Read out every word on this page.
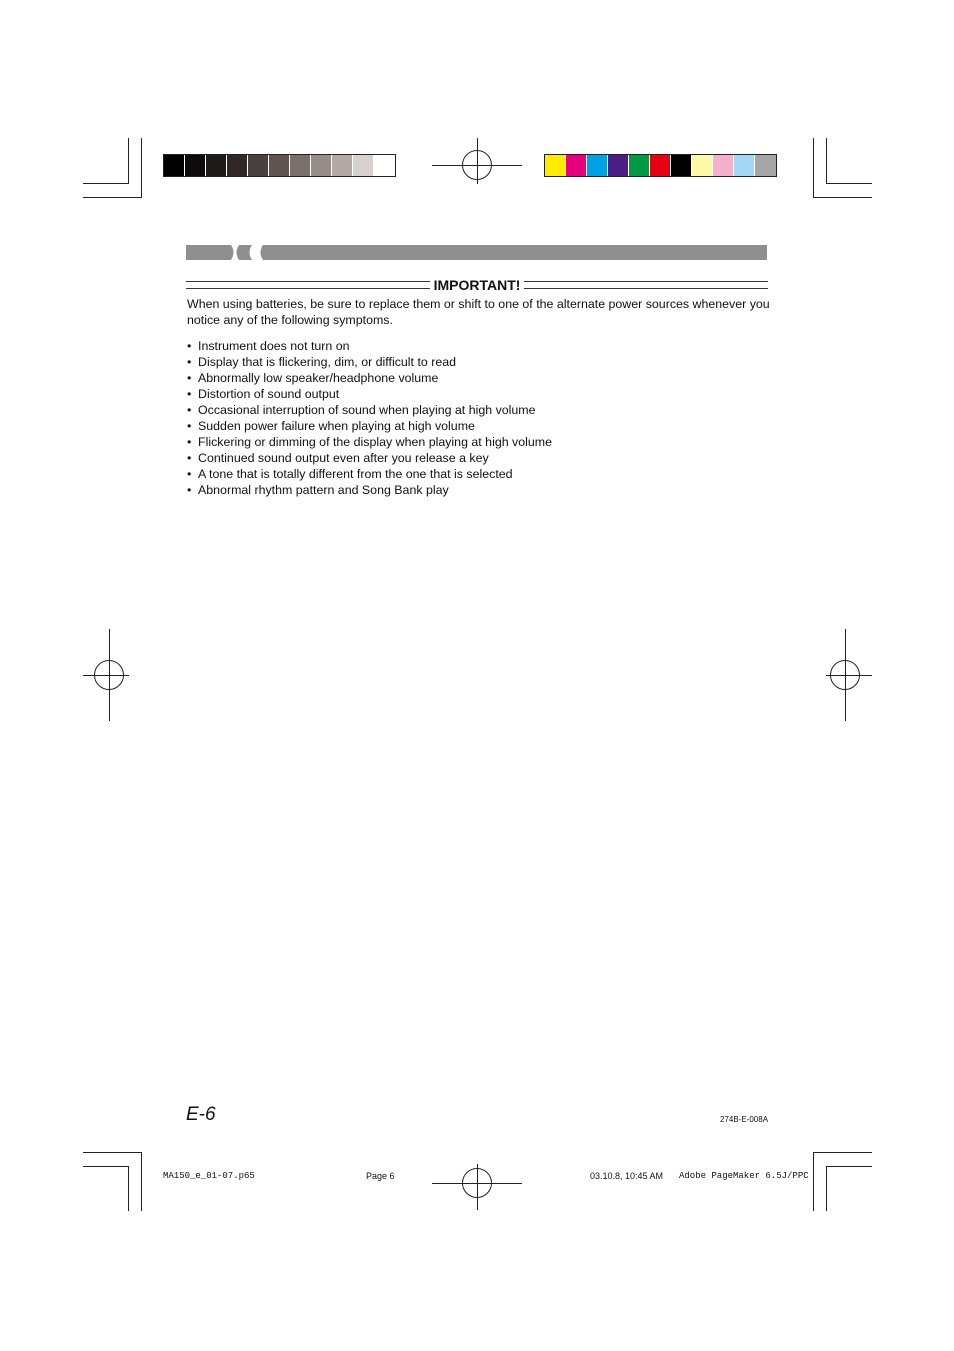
IMPORTANT!

When using batteries, be sure to replace them or shift to one of the alternate power sources whenever you notice any of the following symptoms.

• Instrument does not turn on
• Display that is flickering, dim, or difficult to read
• Abnormally low speaker/headphone volume
• Distortion of sound output
• Occasional interruption of sound when playing at high volume
• Sudden power failure when playing at high volume
• Flickering or dimming of the display when playing at high volume
• Continued sound output even after you release a key
• A tone that is totally different from the one that is selected
• Abnormal rhythm pattern and Song Bank play
E-6	274B-E-008A
MA150_e_01-07.p65	Page 6	03.10.8, 10:45 AM Adobe PageMaker 6.5J/PPC
